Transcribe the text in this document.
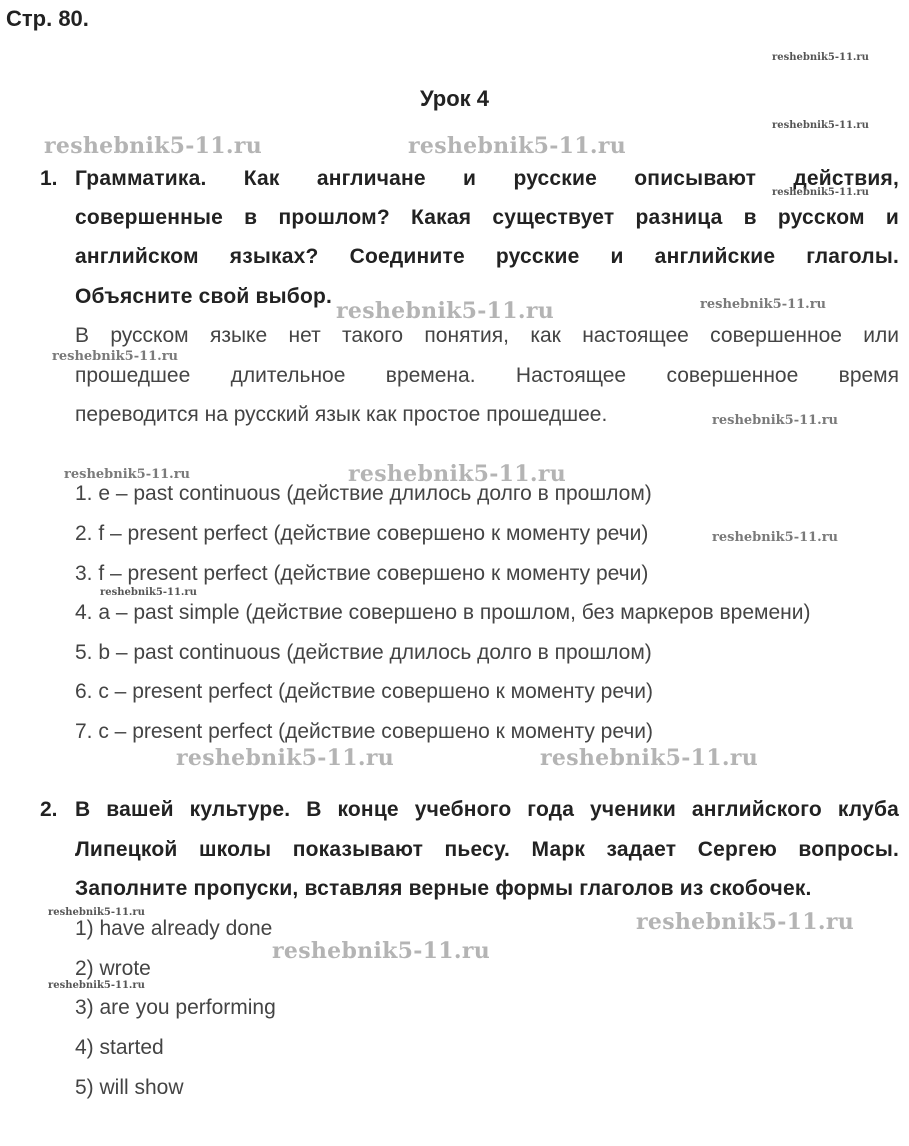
Стр. 80.
Урок 4
1. Грамматика. Как англичане и русские описывают действия,
совершенные в прошлом? Какая существует разница в русском и
английском языках? Соедините русские и английские глаголы.
Объясните свой выбор.
В русском языке нет такого понятия, как настоящее совершенное или
прошедшее длительное времена. Настоящее совершенное время
переводится на русский язык как простое прошедшее.
1. e – past continuous (действие длилось долго в прошлом)
2. f – present perfect (действие совершено к моменту речи)
3. f – present perfect (действие совершено к моменту речи)
4. a – past simple (действие совершено в прошлом, без маркеров времени)
5. b – past continuous (действие длилось долго в прошлом)
6. c – present perfect (действие совершено к моменту речи)
7. c – present perfect (действие совершено к моменту речи)
2. В вашей культуре. В конце учебного года ученики английского клуба
Липецкой школы показывают пьесу. Марк задает Сергею вопросы.
Заполните пропуски, вставляя верные формы глаголов из скобочек.
1) have already done
2) wrote
3) are you performing
4) started
5) will show
reshebnik5-11.ru
reshebnik5-11.ru
reshebnik5-11.ru	reshebnik5-11.ru
reshebnik5-11.ru
reshebnik5-11.ru	reshebnik5-11.ru
reshebnik5-11.ru
reshebnik5-11.ru
reshebnik5-11.ru	reshebnik5-11.ru
reshebnik5-11.ru
reshebnik5-11.ru
reshebnik5-11.ru	reshebnik5-11.ru
reshebnik5-11.ru	reshebnik5-11.ru
reshebnik5-11.ru
reshebnik5-11.ru
